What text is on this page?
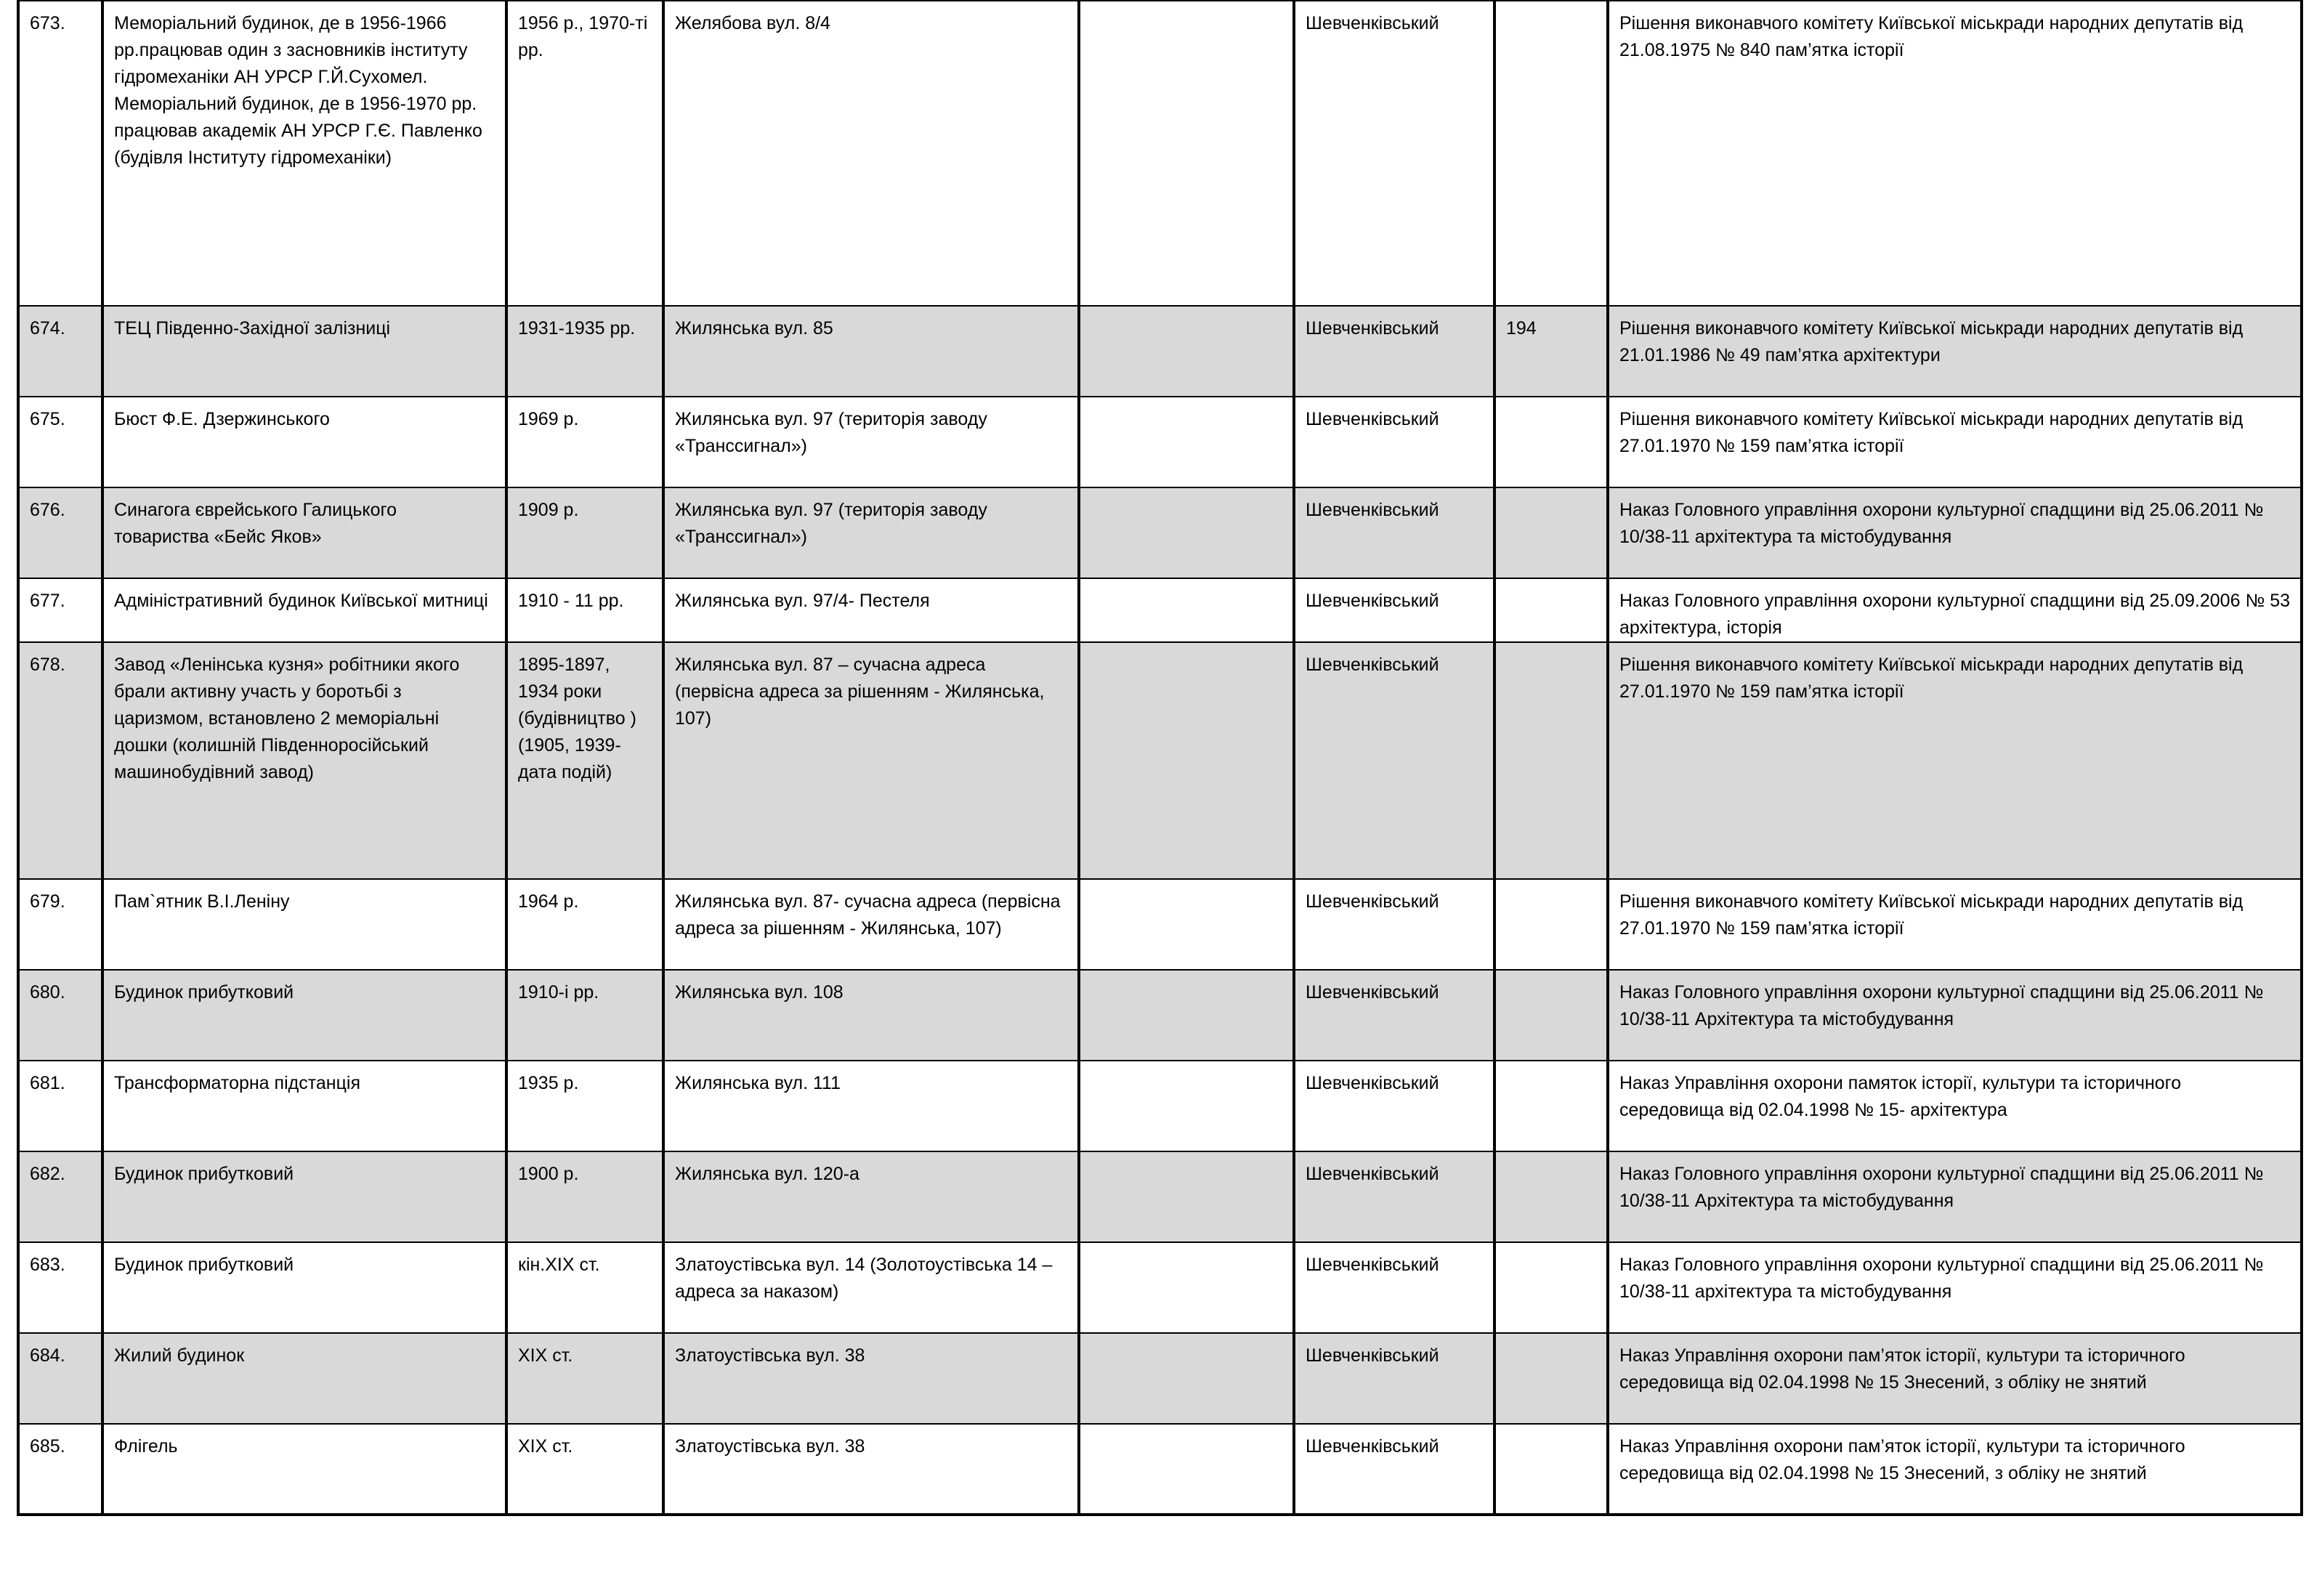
673.	Меморіальний будинок, де в 1956-1966 рр.працював один з засновників інституту гідромеханіки АН УРСР Г.Й.Сухомел. Меморіальний будинок, де в 1956-1970 рр. працював академік АН УРСР Г.Є. Павленко (будівля Інституту гідромеханіки)	1956 р., 1970-ті рр.	Желябова вул. 8/4		Шевченківський		Рішення виконавчого комітету Київської міськради народних депутатів від 21.08.1975 № 840 пам’ятка історії
674.	ТЕЦ Південно-Західної залізниці	1931-1935 рр.	Жилянська вул. 85		Шевченківський	194	Рішення виконавчого комітету Київської міськради народних депутатів від 21.01.1986 № 49 пам’ятка архітектури
675.	Бюст Ф.Е. Дзержинського	1969 р.	Жилянська вул. 97 (територія заводу «Транссигнал»)		Шевченківський		Рішення виконавчого комітету Київської міськради народних депутатів від 27.01.1970 № 159 пам’ятка історії
676.	Синагога єврейського Галицького товариства «Бейс Яков»	1909 р.	Жилянська вул. 97 (територія заводу «Транссигнал»)		Шевченківський		Наказ Головного управління охорони культурної спадщини від 25.06.2011 № 10/38-11 архітектура та містобудування
677.	Адміністративний будинок Київської митниці	1910 - 11 рр.	Жилянська вул. 97/4- Пестеля		Шевченківський		Наказ Головного управління охорони культурної спадщини від 25.09.2006 № 53 архітектура, історія
678.	Завод «Ленінська кузня» робітники якого брали активну участь у боротьбі з царизмом, встановлено 2 меморіальні дошки (колишній Південноросійський машинобудівний завод)	1895-1897, 1934 роки (будівництво ) (1905, 1939- дата подій)	Жилянська вул. 87 – сучасна адреса (первісна адреса за рішенням - Жилянська, 107)		Шевченківський		Рішення виконавчого комітету Київської міськради народних депутатів від 27.01.1970 № 159 пам’ятка історії
679.	Пам`ятник В.І.Леніну	1964 р.	Жилянська вул. 87- сучасна адреса (первісна адреса за рішенням - Жилянська, 107)		Шевченківський		Рішення виконавчого комітету Київської міськради народних депутатів від 27.01.1970 № 159 пам’ятка історії
680.	Будинок прибутковий	1910-і рр.	Жилянська вул. 108		Шевченківський		Наказ Головного управління охорони культурної спадщини від 25.06.2011 № 10/38-11 Архітектура та містобудування
681.	Трансформаторна підстанція	1935 р.	Жилянська вул. 111		Шевченківський		Наказ Управління охорони памяток історії, культури та історичного середовища від 02.04.1998 № 15- архітектура
682.	Будинок прибутковий	1900 р.	Жилянська вул. 120-а		Шевченківський		Наказ Головного управління охорони культурної спадщини від 25.06.2011 № 10/38-11 Архітектура та містобудування
683.	Будинок прибутковий	кін.ХІХ ст.	Златоустівська вул. 14 (Золотоустівська 14 – адреса за наказом)		Шевченківський		Наказ Головного управління охорони культурної спадщини від 25.06.2011 № 10/38-11 архітектура та містобудування
684.	Жилий будинок	ХІХ ст.	Златоустівська вул. 38		Шевченківський		Наказ Управління охорони пам’яток історії, культури та історичного середовища від 02.04.1998 № 15 Знесений, з обліку не знятий
685.	Флігель	ХІХ ст.	Златоустівська вул. 38		Шевченківський		Наказ Управління охорони пам’яток історії, культури та історичного середовища від 02.04.1998 № 15 Знесений, з обліку не знятий
